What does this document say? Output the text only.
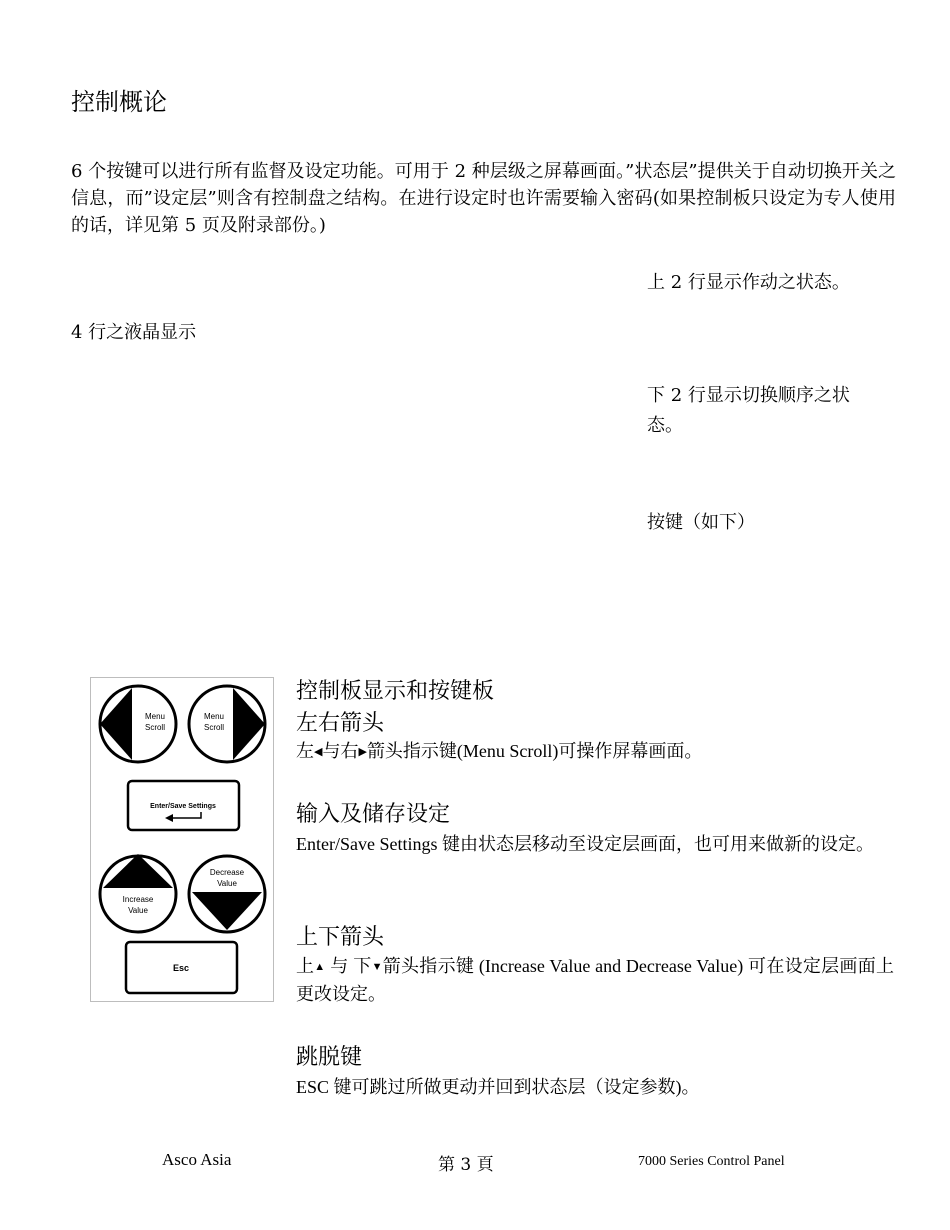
控制概论
6 个按键可以进行所有监督及设定功能。可用于 2 种层级之屏幕画面。”状态层”提供关于自动切换开关之信息，而”设定层”则含有控制盘之结构。在进行设定时也许需要输入密码(如果控制板只设定为专人使用的话，详见第 5 页及附录部份。)
4 行之液晶显示
上 2 行显示作动之状态。
下 2 行显示切换顺序之状态。
按键（如下）
Menu
Scroll
Menu
Scroll
Enter/Save Settings
Increase
Value
Decrease
Value
Esc
控制板显示和按键板
左右箭头
左◀与右▶箭头指示键(Menu Scroll)可操作屏幕画面。
输入及储存设定
Enter/Save Settings 键由状态层移动至设定层画面，也可用来做新的设定。
上下箭头
上▲ 与 下▼箭头指示键 (Increase Value and Decrease Value) 可在设定层画面上更改设定。
跳脱键
ESC 键可跳过所做更动并回到状态层（设定参数)。
Asco Asia	第 3 頁	7000 Series Control Panel
